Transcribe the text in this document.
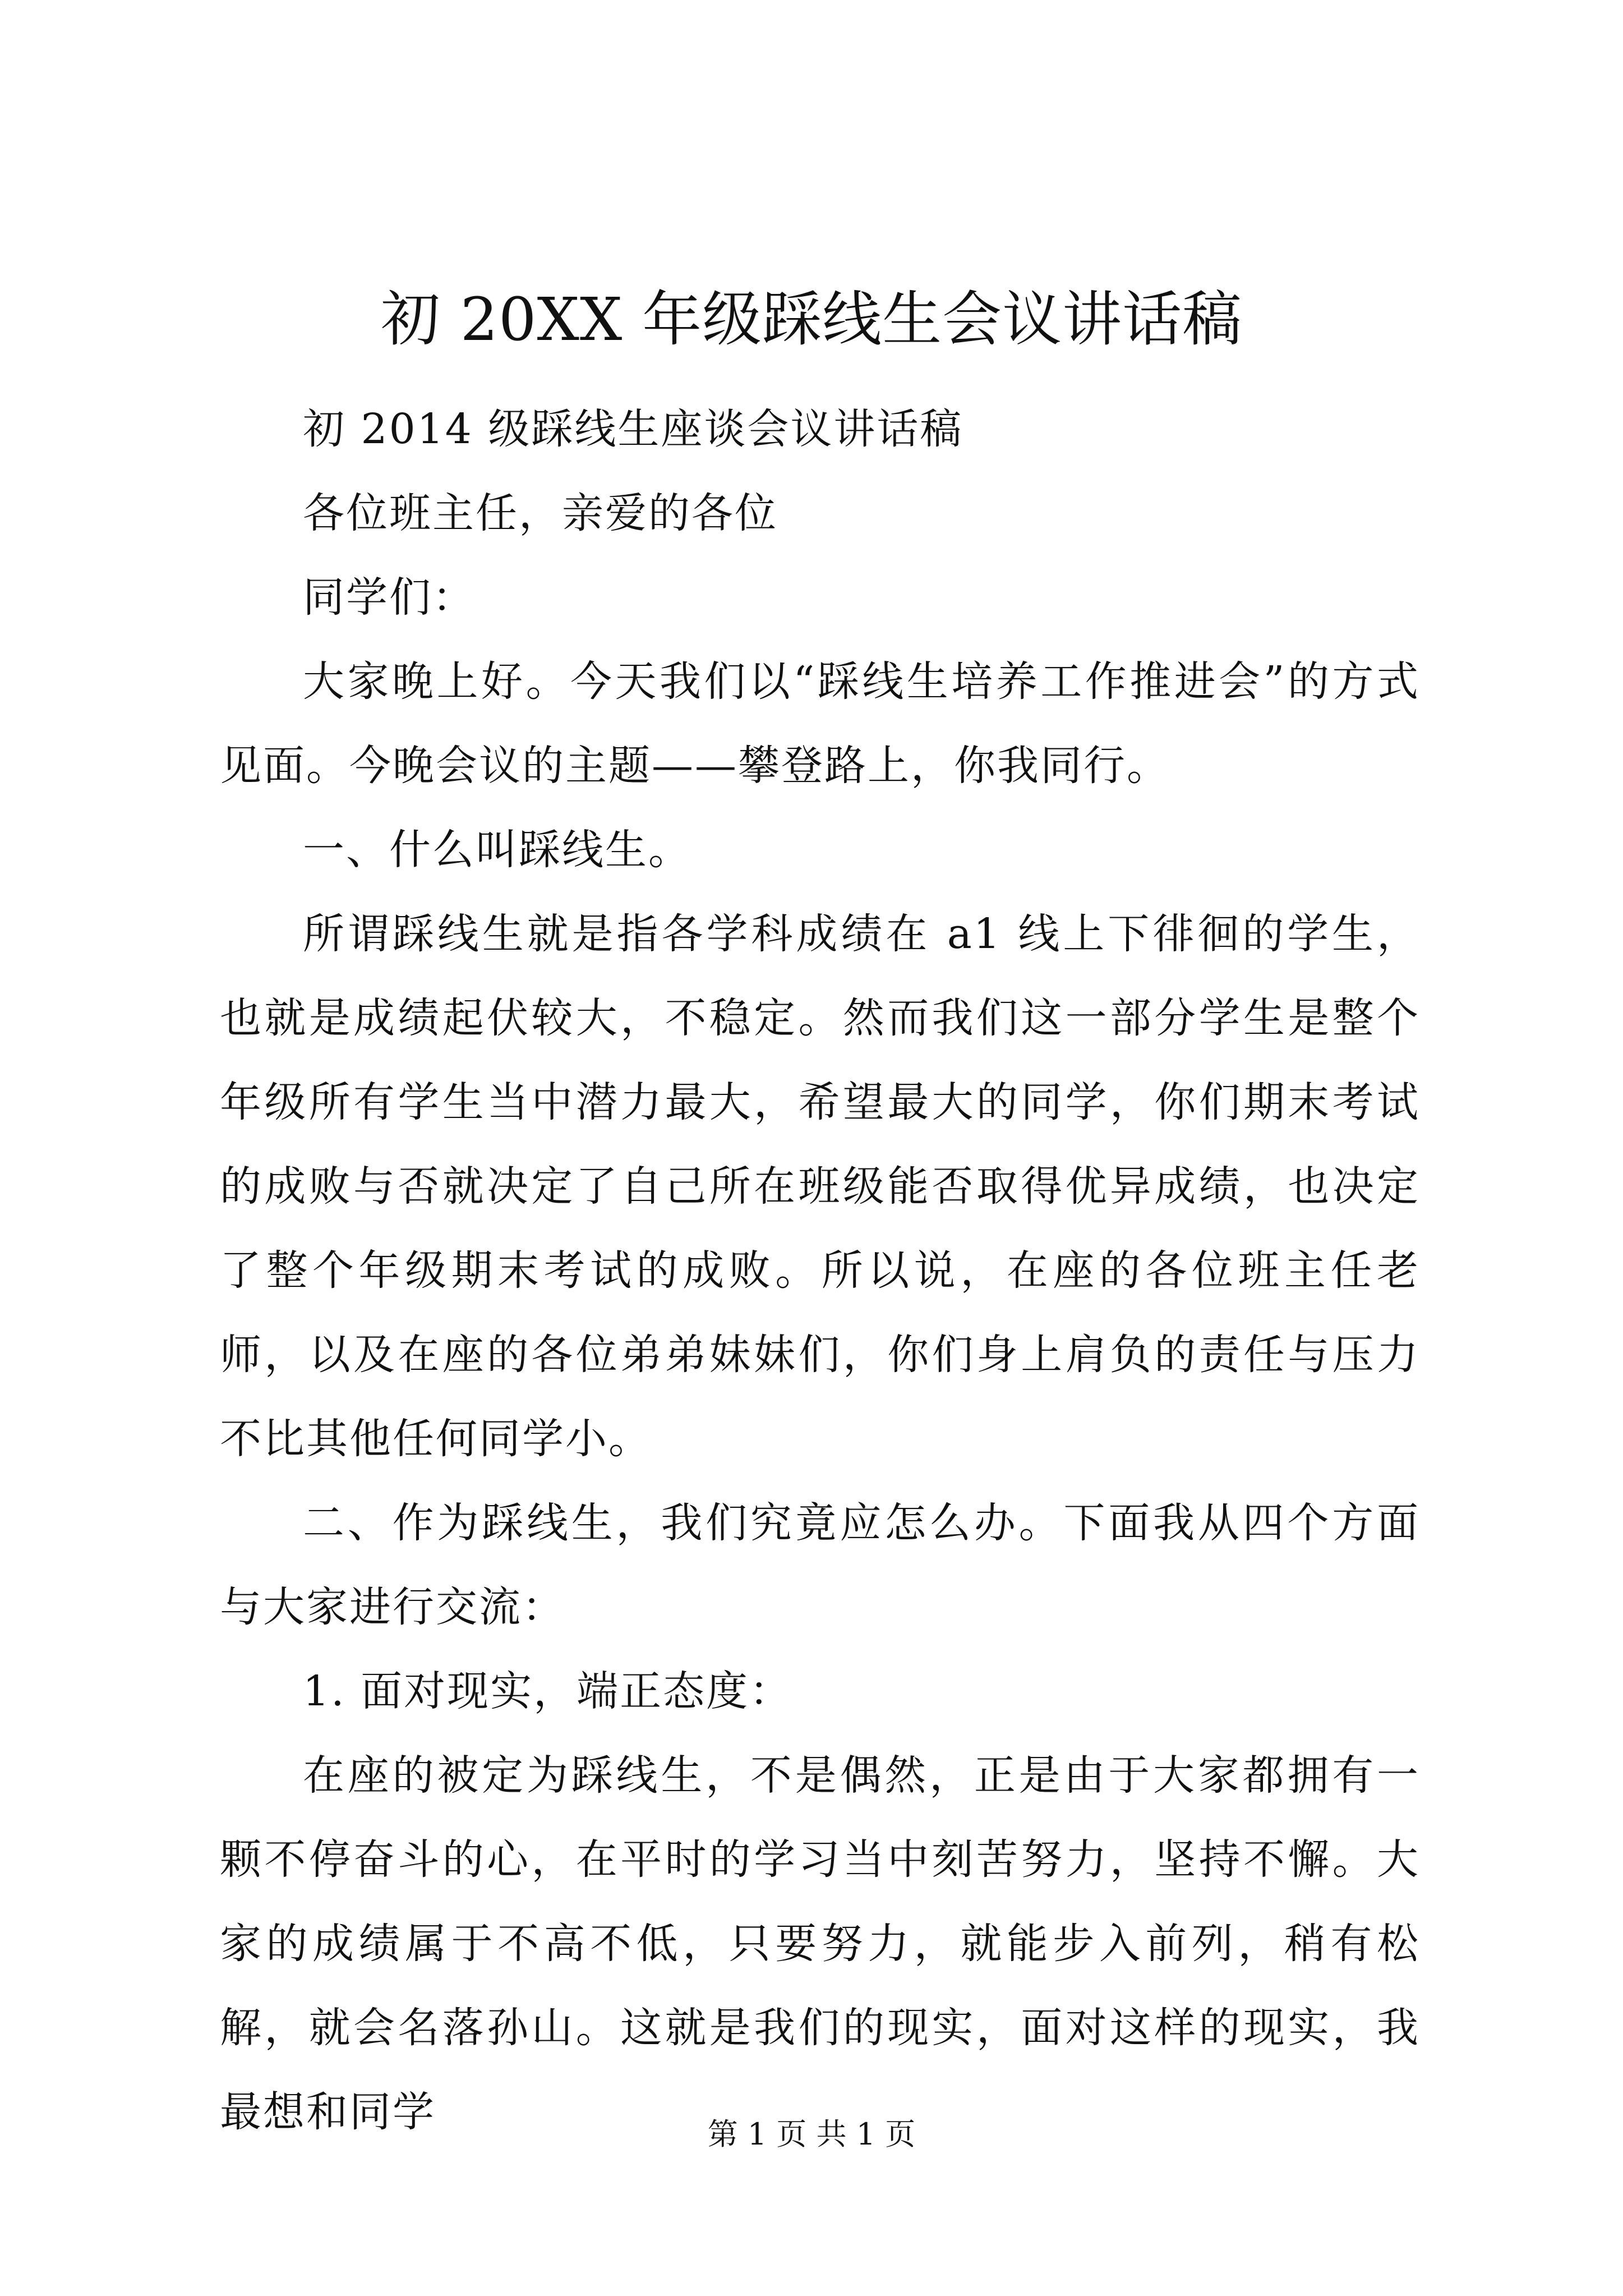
初 20XX 年级踩线生会议讲话稿

初 2014 级踩线生座谈会议讲话稿

各位班主任，亲爱的各位

同学们：

大家晚上好。今天我们以“踩线生培养工作推进会”的方式见面。今晚会议的主题——攀登路上，你我同行。

一、什么叫踩线生。

所谓踩线生就是指各学科成绩在 a1 线上下徘徊的学生，也就是成绩起伏较大，不稳定。然而我们这一部分学生是整个年级所有学生当中潜力最大，希望最大的同学，你们期末考试的成败与否就决定了自己所在班级能否取得优异成绩，也决定了整个年级期末考试的成败。所以说，在座的各位班主任老师，以及在座的各位弟弟妹妹们，你们身上肩负的责任与压力不比其他任何同学小。

二、作为踩线生，我们究竟应怎么办。下面我从四个方面与大家进行交流：

1. 面对现实，端正态度：

在座的被定为踩线生，不是偶然，正是由于大家都拥有一颗不停奋斗的心，在平时的学习当中刻苦努力，坚持不懈。大家的成绩属于不高不低，只要努力，就能步入前列，稍有松解，就会名落孙山。这就是我们的现实，面对这样的现实，我最想和同学	第 1 页 共 1 页
